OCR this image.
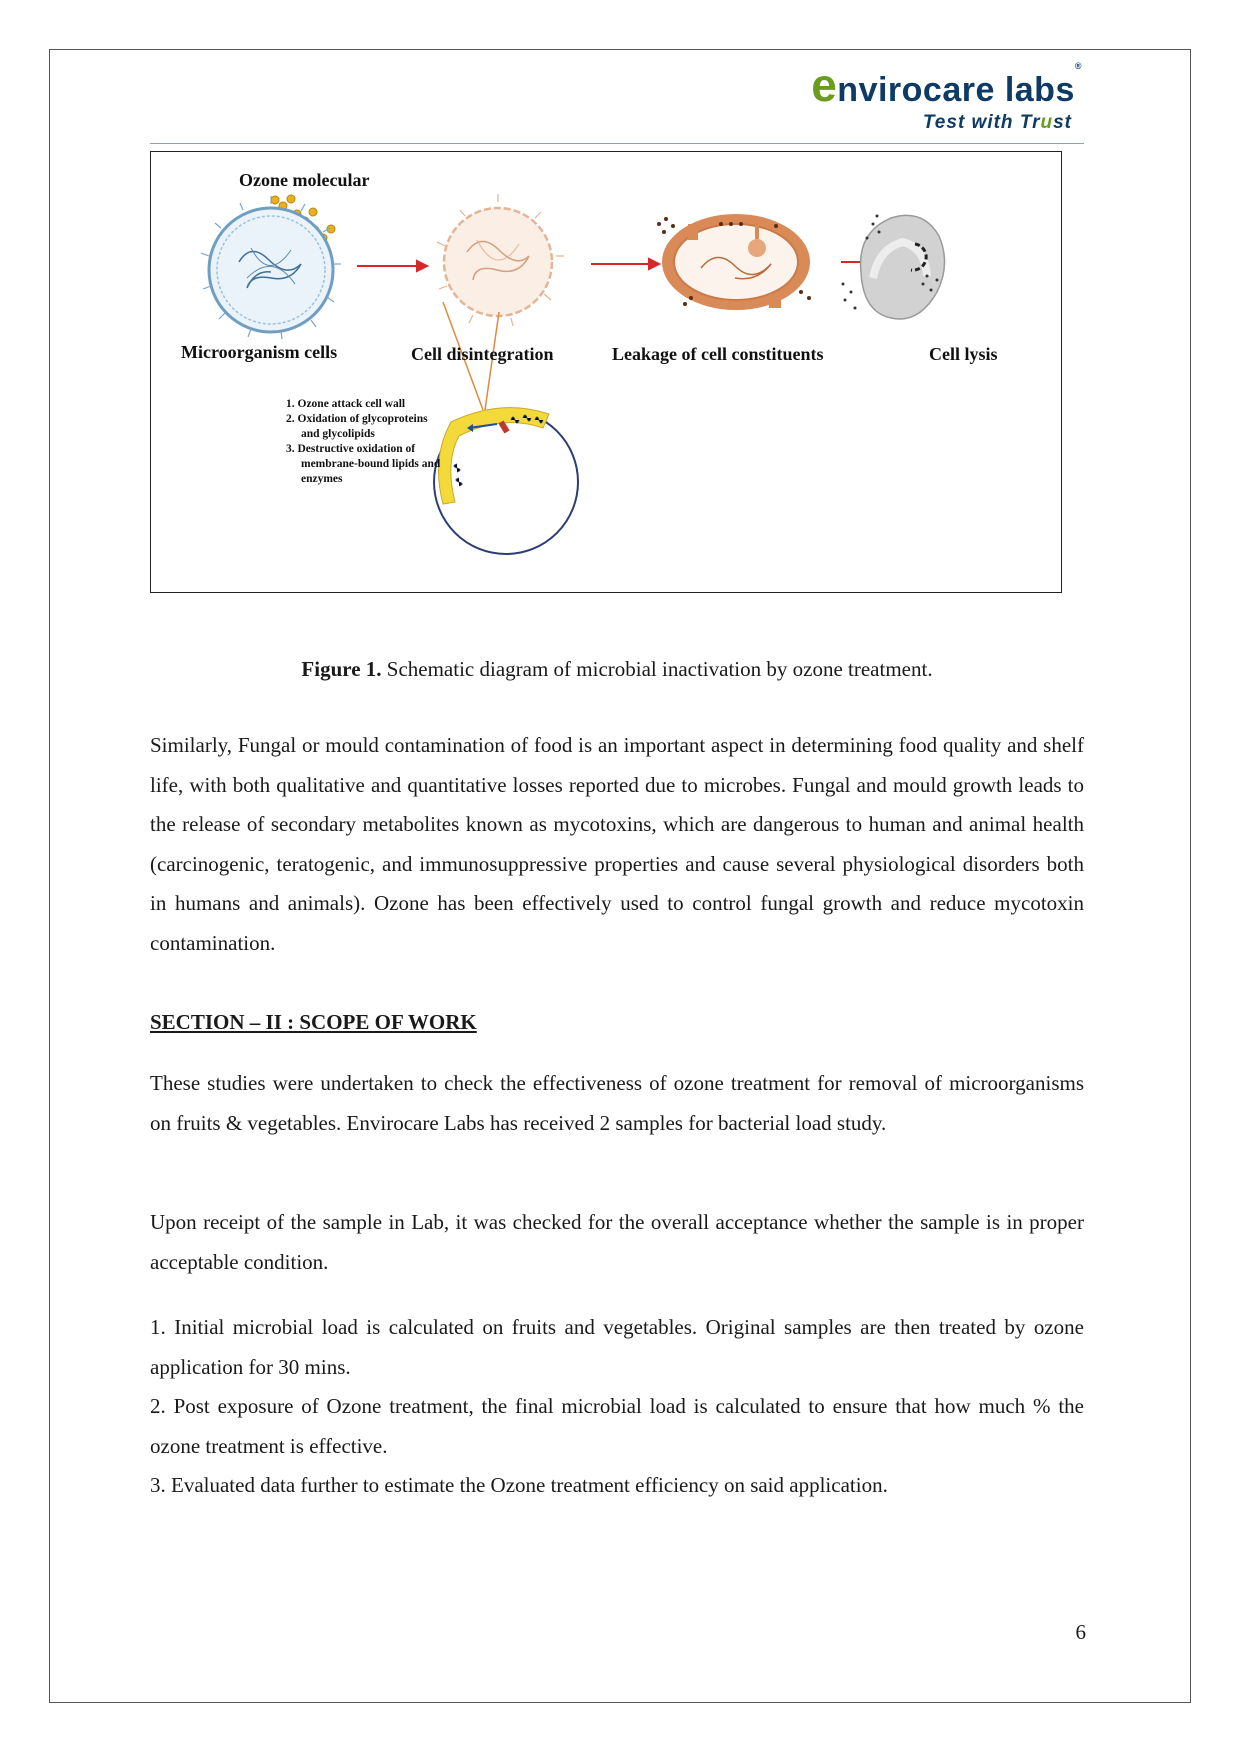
envirocare labs®
Test with Trust
Ozone molecular
Microorganism cells	Cell disintegration	Leakage of cell constituents	Cell lysis
1. Ozone attack cell wall
2. Oxidation of glycoproteins
and glycolipids
3. Destructive oxidation of
membrane-bound lipids and
enzymes
Figure 1. Schematic diagram of microbial inactivation by ozone treatment.
Similarly, Fungal or mould contamination of food is an important aspect in determining food quality and shelf life, with both qualitative and quantitative losses reported due to microbes. Fungal and mould growth leads to the release of secondary metabolites known as mycotoxins, which are dangerous to human and animal health (carcinogenic, teratogenic, and immunosuppressive properties and cause several physiological disorders both in humans and animals). Ozone has been effectively used to control fungal growth and reduce mycotoxin contamination.
SECTION – II : SCOPE OF WORK
These studies were undertaken to check the effectiveness of ozone treatment for removal of microorganisms on fruits & vegetables. Envirocare Labs has received 2 samples for bacterial load study.
Upon receipt of the sample in Lab, it was checked for the overall acceptance whether the sample is in proper acceptable condition.
1. Initial microbial load is calculated on fruits and vegetables. Original samples are then treated by ozone application for 30 mins.
2. Post exposure of Ozone treatment, the final microbial load is calculated to ensure that how much % the ozone treatment is effective.
3. Evaluated data further to estimate the Ozone treatment efficiency on said application.
6
